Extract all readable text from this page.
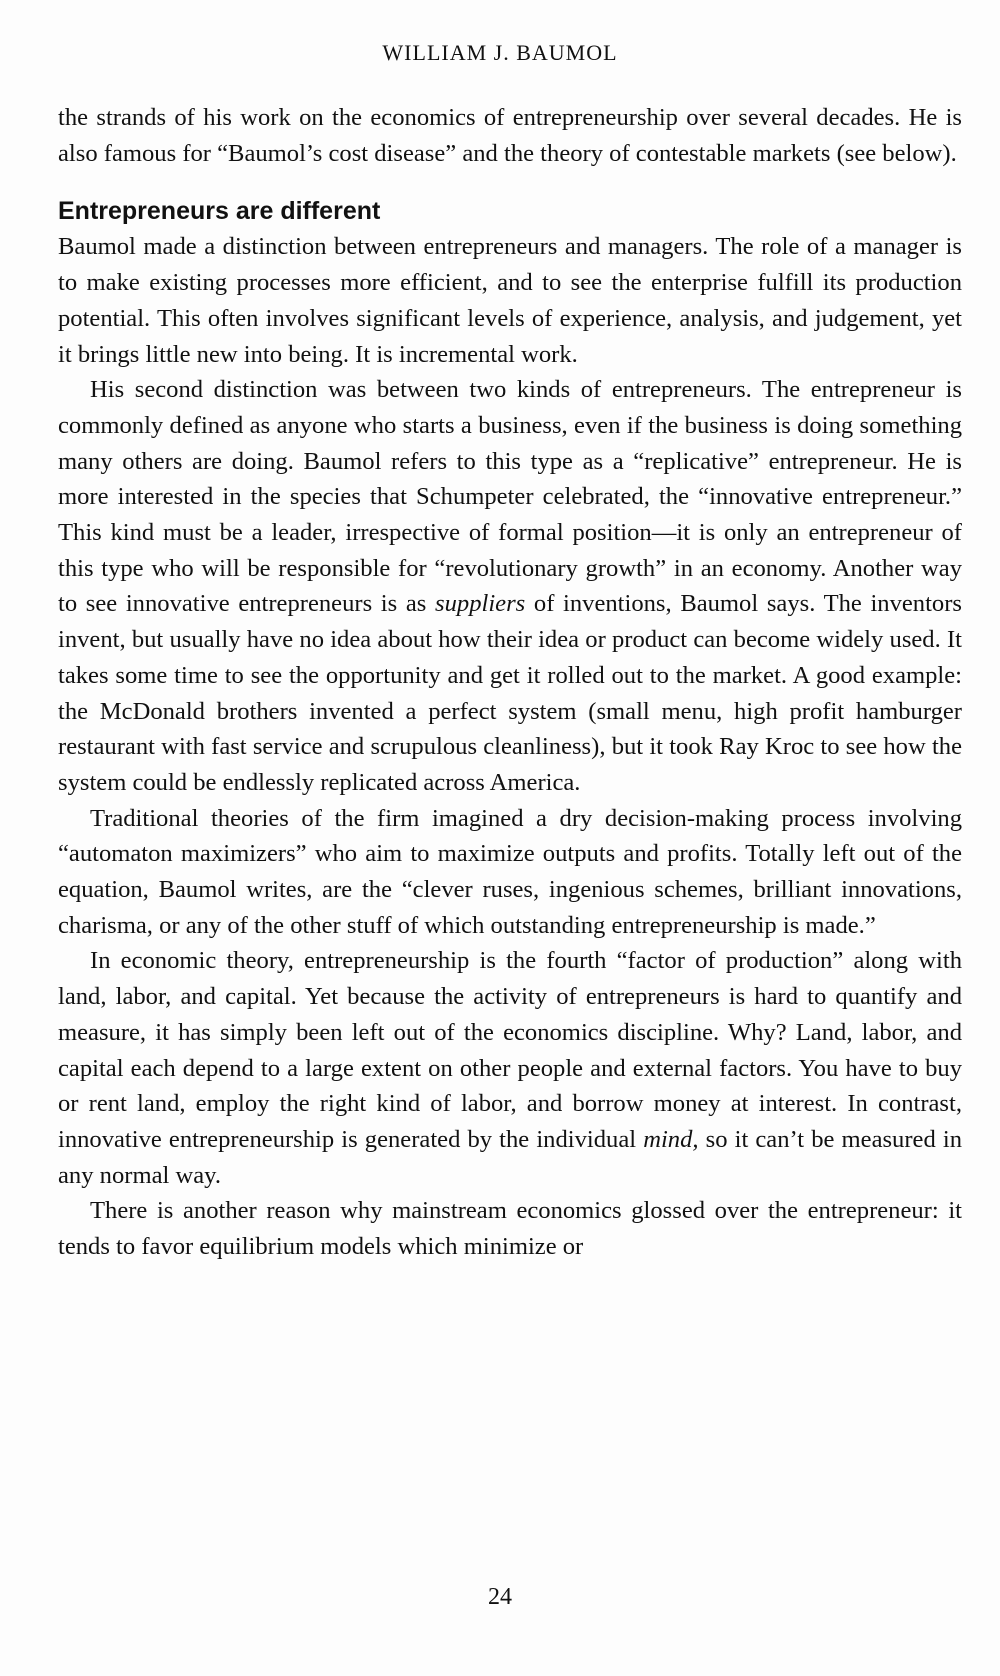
WILLIAM J. BAUMOL

the strands of his work on the economics of entrepreneurship over several decades. He is also famous for “Baumol’s cost disease” and the theory of contestable markets (see below).

Entrepreneurs are different

Baumol made a distinction between entrepreneurs and managers. The role of a manager is to make existing processes more efficient, and to see the enterprise fulfill its production potential. This often involves significant levels of experience, analysis, and judgement, yet it brings little new into being. It is incremental work.

His second distinction was between two kinds of entrepreneurs. The entrepreneur is commonly defined as anyone who starts a business, even if the business is doing something many others are doing. Baumol refers to this type as a “replicative” entrepreneur. He is more interested in the species that Schumpeter celebrated, the “innovative entrepreneur.” This kind must be a leader, irrespective of formal position—it is only an entrepreneur of this type who will be responsible for “revolutionary growth” in an economy. Another way to see innovative entrepreneurs is as suppliers of inventions, Baumol says. The inventors invent, but usually have no idea about how their idea or product can become widely used. It takes some time to see the opportunity and get it rolled out to the market. A good example: the McDonald brothers invented a perfect system (small menu, high profit hamburger restaurant with fast service and scrupulous cleanliness), but it took Ray Kroc to see how the system could be endlessly replicated across America.

Traditional theories of the firm imagined a dry decision-making process involving “automaton maximizers” who aim to maximize outputs and profits. Totally left out of the equation, Baumol writes, are the “clever ruses, ingenious schemes, brilliant innovations, charisma, or any of the other stuff of which outstanding entrepreneurship is made.”

In economic theory, entrepreneurship is the fourth “factor of production” along with land, labor, and capital. Yet because the activity of entrepreneurs is hard to quantify and measure, it has simply been left out of the economics discipline. Why? Land, labor, and capital each depend to a large extent on other people and external factors. You have to buy or rent land, employ the right kind of labor, and borrow money at interest. In contrast, innovative entrepreneurship is generated by the individual mind, so it can’t be measured in any normal way.

There is another reason why mainstream economics glossed over the entrepreneur: it tends to favor equilibrium models which minimize or

24
